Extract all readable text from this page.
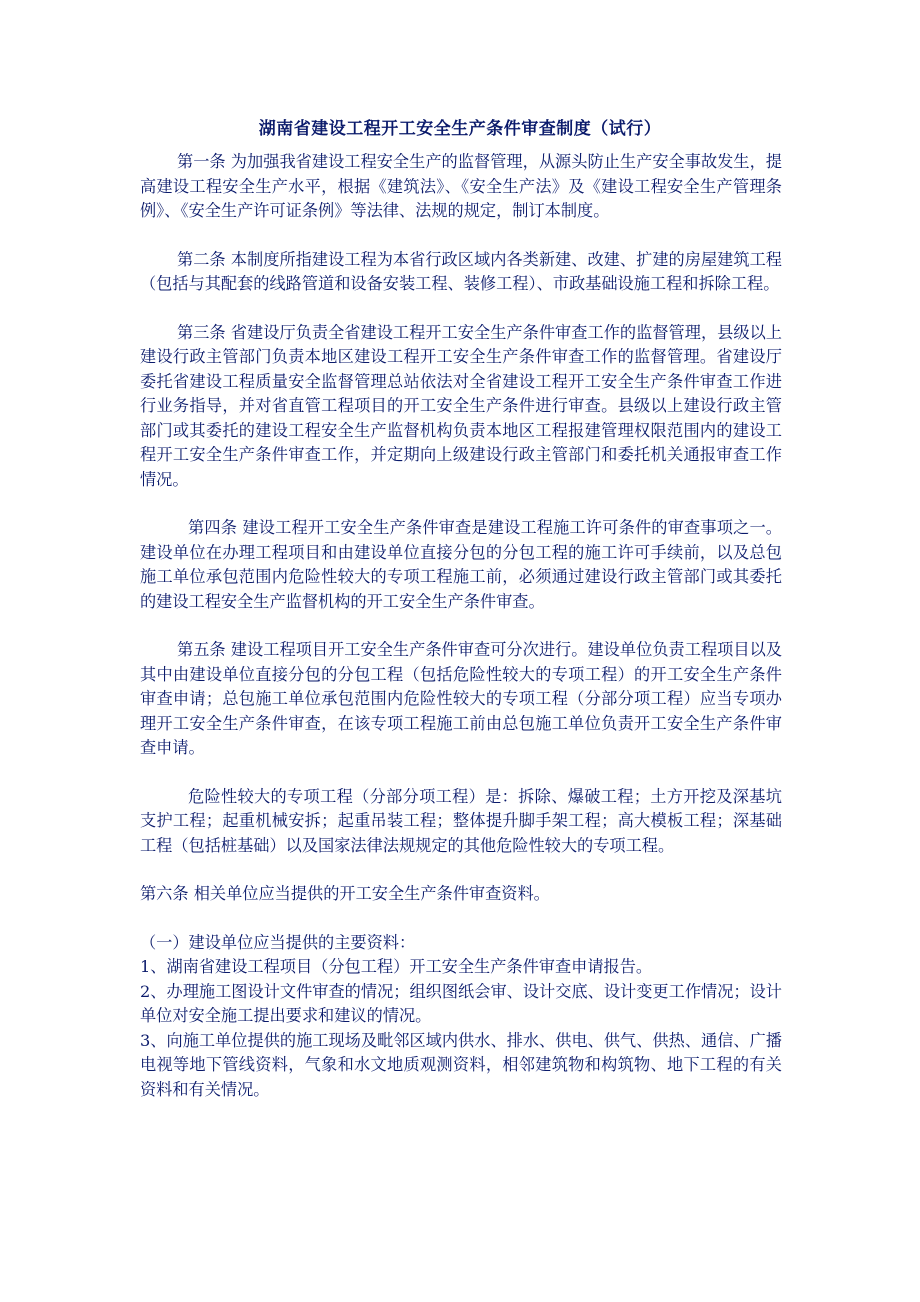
湖南省建设工程开工安全生产条件审查制度（试行）

第一条 为加强我省建设工程安全生产的监督管理，从源头防止生产安全事故发生，提高建设工程安全生产水平，根据《建筑法》、《安全生产法》及《建设工程安全生产管理条例》、《安全生产许可证条例》等法律、法规的规定，制订本制度。

第二条 本制度所指建设工程为本省行政区域内各类新建、改建、扩建的房屋建筑工程（包括与其配套的线路管道和设备安装工程、装修工程）、市政基础设施工程和拆除工程。

第三条 省建设厅负责全省建设工程开工安全生产条件审查工作的监督管理，县级以上建设行政主管部门负责本地区建设工程开工安全生产条件审查工作的监督管理。省建设厅委托省建设工程质量安全监督管理总站依法对全省建设工程开工安全生产条件审查工作进行业务指导，并对省直管工程项目的开工安全生产条件进行审查。县级以上建设行政主管部门或其委托的建设工程安全生产监督机构负责本地区工程报建管理权限范围内的建设工程开工安全生产条件审查工作，并定期向上级建设行政主管部门和委托机关通报审查工作情况。

第四条 建设工程开工安全生产条件审查是建设工程施工许可条件的审查事项之一。建设单位在办理工程项目和由建设单位直接分包的分包工程的施工许可手续前，以及总包施工单位承包范围内危险性较大的专项工程施工前，必须通过建设行政主管部门或其委托的建设工程安全生产监督机构的开工安全生产条件审查。

第五条 建设工程项目开工安全生产条件审查可分次进行。建设单位负责工程项目以及其中由建设单位直接分包的分包工程（包括危险性较大的专项工程）的开工安全生产条件审查申请；总包施工单位承包范围内危险性较大的专项工程（分部分项工程）应当专项办理开工安全生产条件审查，在该专项工程施工前由总包施工单位负责开工安全生产条件审查申请。

危险性较大的专项工程（分部分项工程）是：拆除、爆破工程；土方开挖及深基坑支护工程；起重机械安拆；起重吊装工程；整体提升脚手架工程；高大模板工程；深基础工程（包括桩基础）以及国家法律法规规定的其他危险性较大的专项工程。

第六条 相关单位应当提供的开工安全生产条件审查资料。

（一）建设单位应当提供的主要资料：

1、湖南省建设工程项目（分包工程）开工安全生产条件审查申请报告。

2、办理施工图设计文件审查的情况；组织图纸会审、设计交底、设计变更工作情况；设计单位对安全施工提出要求和建议的情况。

3、向施工单位提供的施工现场及毗邻区域内供水、排水、供电、供气、供热、通信、广播电视等地下管线资料，气象和水文地质观测资料，相邻建筑物和构筑物、地下工程的有关资料和有关情况。
